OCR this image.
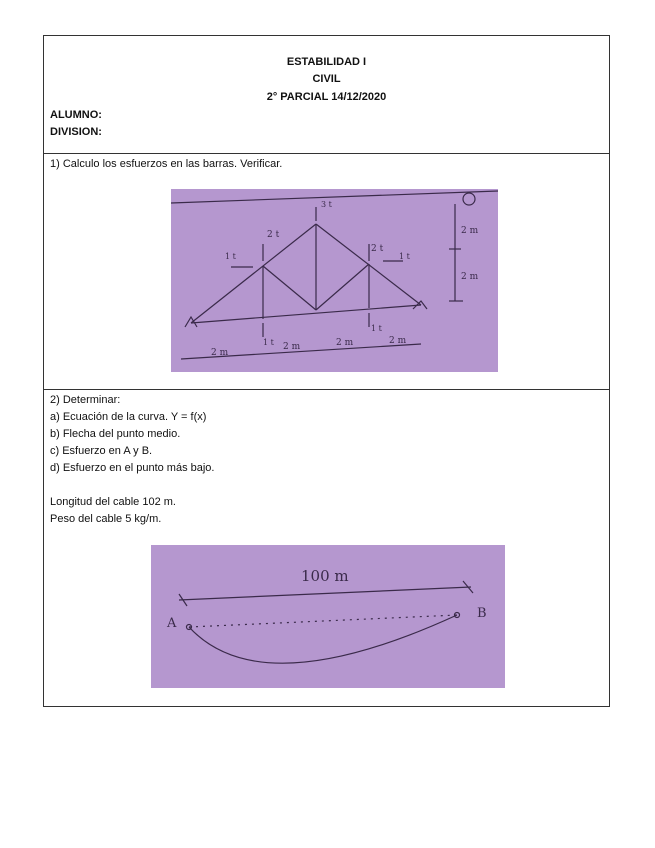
ESTABILIDAD I
CIVIL
2° PARCIAL 14/12/2020
ALUMNO:
DIVISION:
1) Calculo los esfuerzos en las barras. Verificar.
3 t
2 t
1 t
2 t
1 t
1 t
1 t
2 m
2 m	2 m	2 m
2 m
2 m
2) Determinar:
a) Ecuación de la curva. Y = f(x)
b) Flecha del punto medio.
c) Esfuerzo en A y B.
d) Esfuerzo en el punto más bajo.
Longitud del cable 102 m.
Peso del cable 5 kg/m.
100 m
A
B
